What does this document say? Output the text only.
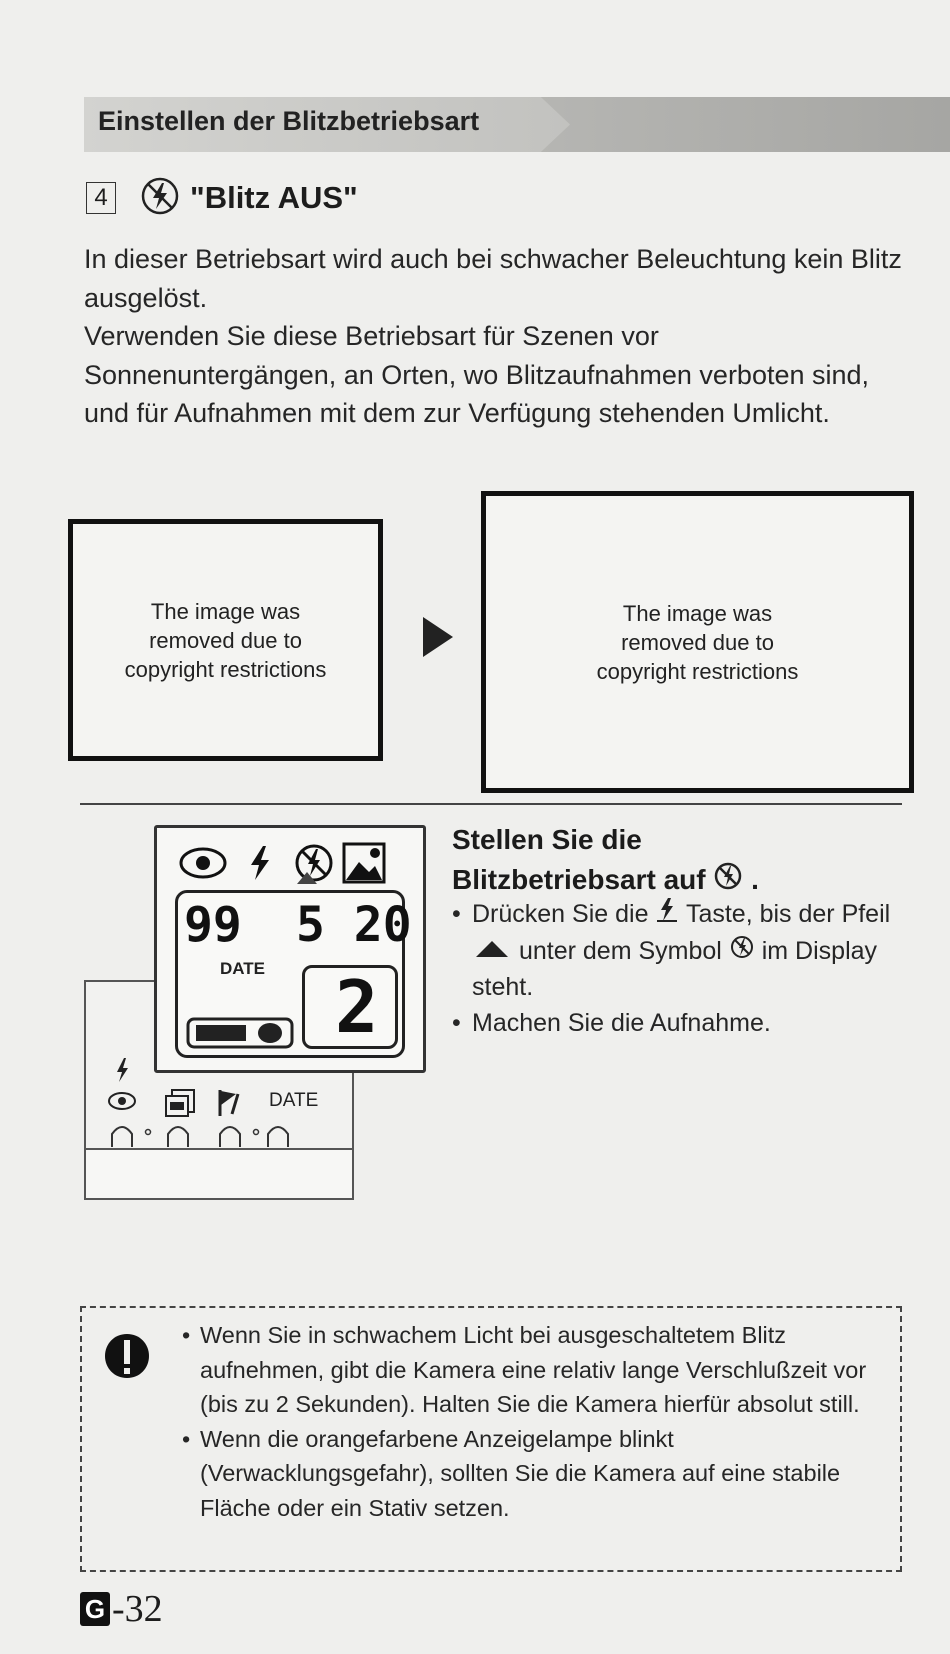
Einstellen der Blitzbetriebsart
4	"Blitz AUS"

In dieser Betriebsart wird auch bei schwacher Beleuchtung kein Blitz ausgelöst.

Verwenden Sie diese Betriebsart für Szenen vor Sonnenuntergängen, an Orten, wo Blitzaufnahmen verboten sind, und für Aufnahmen mit dem zur Verfügung stehenden Umlicht.

The image was removed due to copyright restrictions
The image was removed due to copyright restrictions
DATE
99 5 20
DATE 2
Stellen Sie die
Blitzbetriebsart auf .
• Drücken Sie die Taste, bis der Pfeil  unter dem Symbol im Display steht.
• Machen Sie die Aufnahme.
• Wenn Sie in schwachem Licht bei ausgeschaltetem Blitz aufnehmen, gibt die Kamera eine relativ lange Verschlußzeit vor (bis zu 2 Sekunden). Halten Sie die Kamera hierfür absolut still.
• Wenn die orangefarbene Anzeigelampe blinkt (Verwacklungsgefahr), sollten Sie die Kamera auf eine stabile Fläche oder ein Stativ setzen.
G -32
